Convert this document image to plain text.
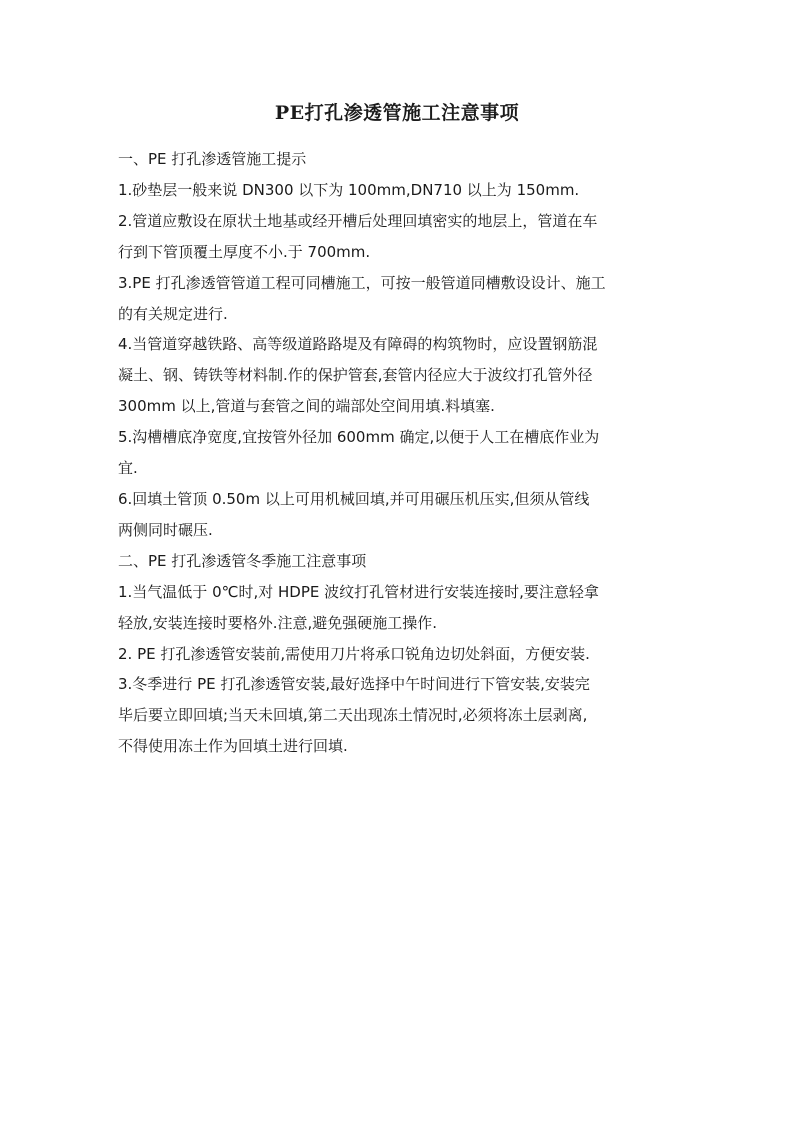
PE打孔渗透管施工注意事项

一、PE 打孔渗透管施工提示

1.砂垫层一般来说 DN300 以下为 100mm,DN710 以上为 150mm.

2.管道应敷设在原状土地基或经开槽后处理回填密实的地层上，管道在车

行到下管顶覆土厚度不小.于 700mm.

3.PE 打孔渗透管管道工程可同槽施工，可按一般管道同槽敷设设计、施工

的有关规定进行.

4.当管道穿越铁路、高等级道路路堤及有障碍的构筑物时，应设置钢筋混

凝土、钢、铸铁等材料制.作的保护管套,套管内径应大于波纹打孔管外径

300mm 以上,管道与套管之间的端部处空间用填.料填塞.

5.沟槽槽底净宽度,宜按管外径加 600mm 确定,以便于人工在槽底作业为

宜.

6.回填土管顶 0.50m 以上可用机械回填,并可用碾压机压实,但须从管线

两侧同时碾压.

二、PE 打孔渗透管冬季施工注意事项

1.当气温低于 0℃时,对 HDPE 波纹打孔管材进行安装连接时,要注意轻拿

轻放,安装连接时要格外.注意,避免强硬施工操作.

2. PE 打孔渗透管安装前,需使用刀片将承口锐角边切处斜面，方便安装.

3.冬季进行 PE 打孔渗透管安装,最好选择中午时间进行下管安装,安装完

毕后要立即回填;当天未回填,第二天出现冻土情况时,必须将冻土层剥离,

不得使用冻土作为回填土进行回填.
